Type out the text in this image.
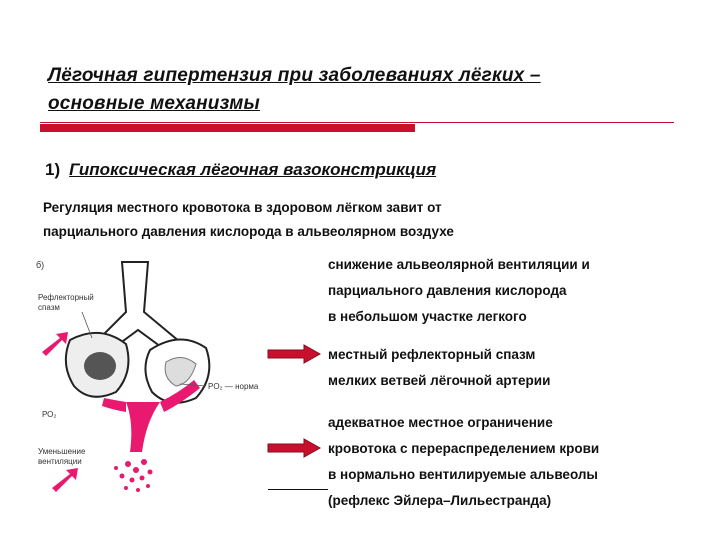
Лёгочная гипертензия при заболеваниях лёгких –
основные механизмы
1) Гипоксическая лёгочная вазоконстрикция
Регуляция местного кровотока в здоровом лёгком завит от
парциального давления кислорода в альвеолярном воздухе
б)
Рефлекторный
спазм
РО₂
PO₂ — норма
Уменьшение
вентиляции
снижение альвеолярной вентиляции и
парциального давления кислорода
в небольшом участке легкого
местный рефлекторный спазм
мелких ветвей лёгочной артерии
адекватное местное ограничение
кровотока с перераспределением крови
в нормально вентилируемые альвеолы
(рефлекс Эйлера–Лильестранда)
